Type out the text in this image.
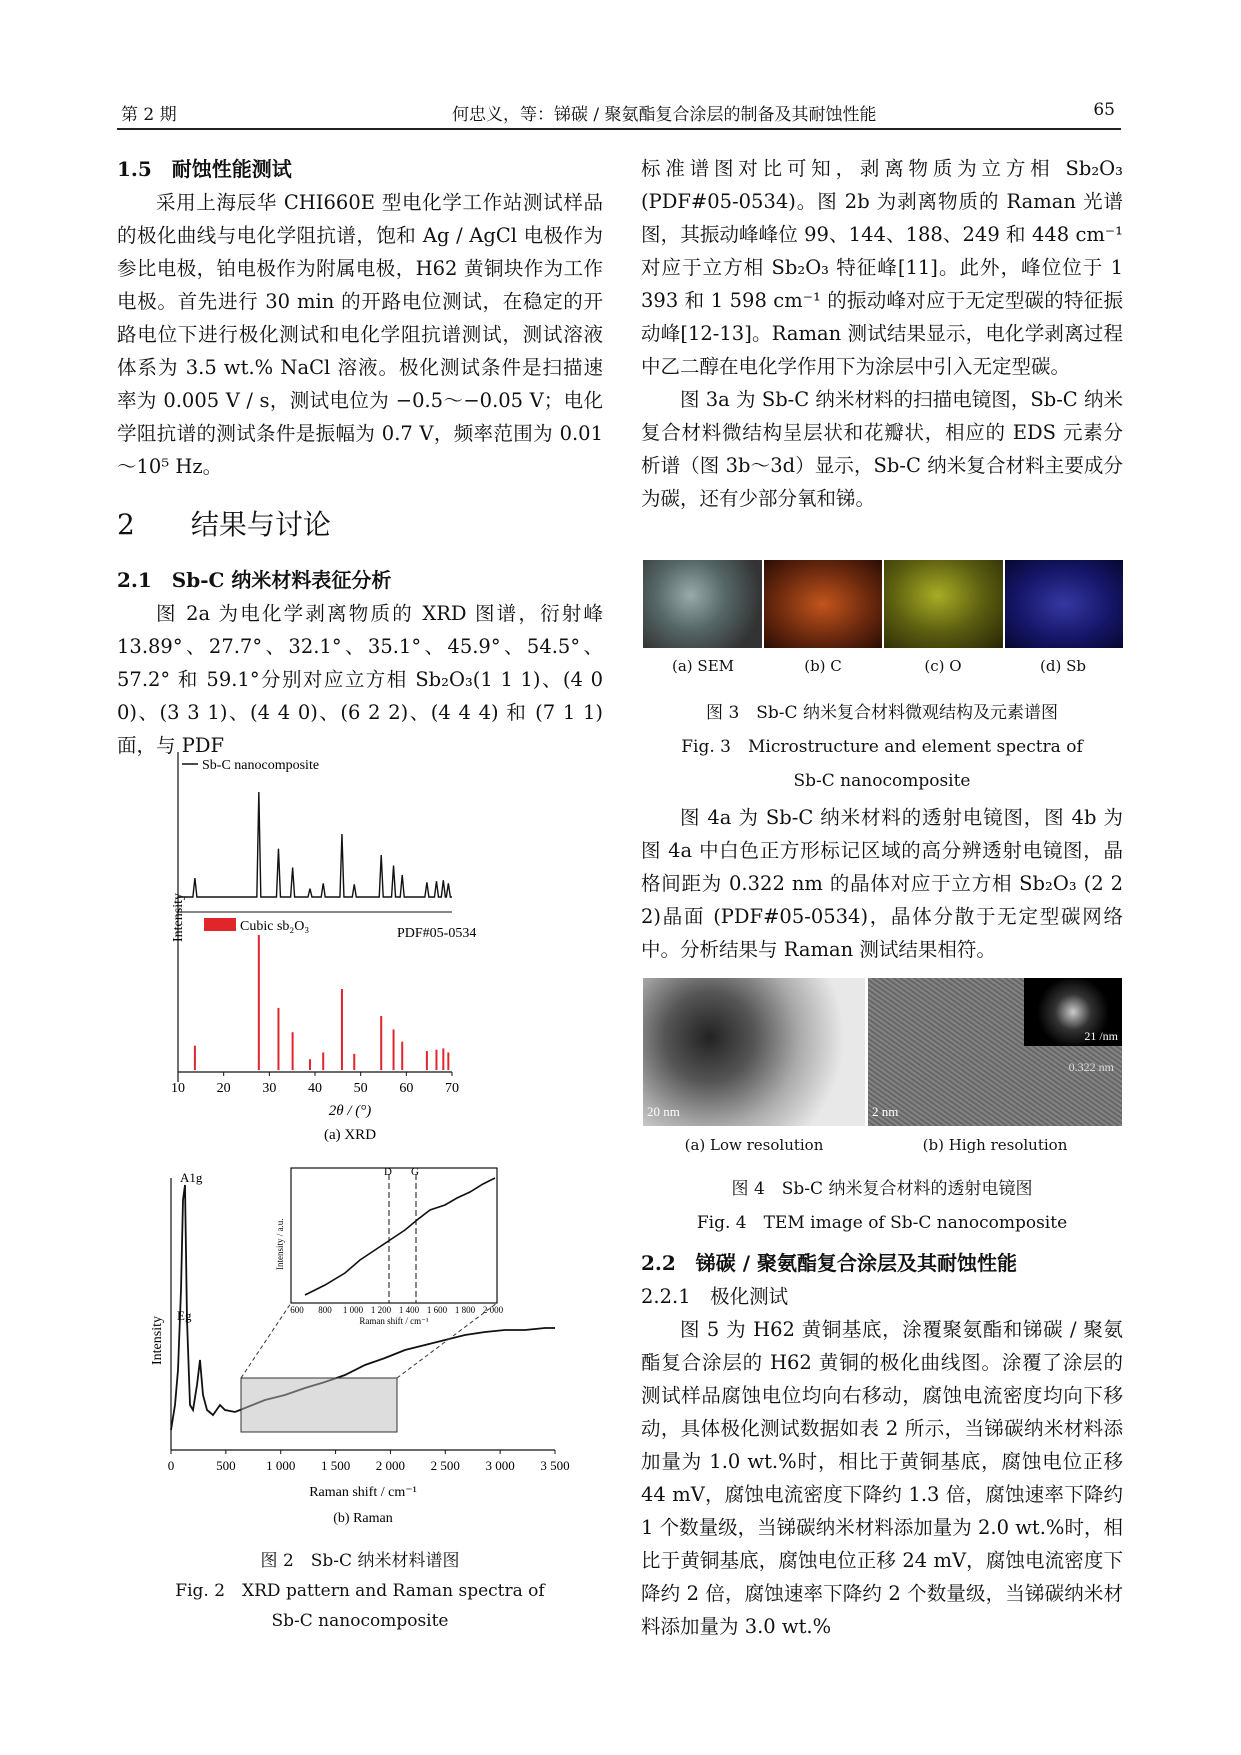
第 2 期	何忠义，等：锑碳 / 聚氨酯复合涂层的制备及其耐蚀性能	65
1.5　耐蚀性能测试

采用上海辰华 CHI660E 型电化学工作站测试样品的极化曲线与电化学阻抗谱，饱和 Ag / AgCl 电极作为参比电极，铂电极作为附属电极，H62 黄铜块作为工作电极。首先进行 30 min 的开路电位测试，在稳定的开路电位下进行极化测试和电化学阻抗谱测试，测试溶液体系为 3.5 wt.% NaCl 溶液。极化测试条件是扫描速率为 0.005 V / s，测试电位为 −0.5～−0.05 V；电化学阻抗谱的测试条件是振幅为 0.7 V，频率范围为 0.01～10⁵ Hz。

2　　结果与讨论
2.1　Sb-C 纳米材料表征分析

图 2a 为电化学剥离物质的 XRD 图谱，衍射峰 13.89°、27.7°、32.1°、35.1°、45.9°、54.5°、57.2° 和 59.1°分别对应立方相 Sb₂O₃(1 1 1)、(4 0 0)、(3 3 1)、(4 4 0)、(6 2 2)、(4 4 4) 和 (7 1 1) 面，与 PDF

Sb-C nanocomposite
Cubic sb₂O₃	PDF#05-0534
Intensity
10 20 30 40 50 60 70
2θ / (°)
(a) XRD
Intensity
A1g
Eg
D G
Intensity / a.u.
600 800 1 000 1 200 1 400 1 600 1 800 2 000
Raman shift / cm⁻¹
0	500 1 000 1 500 2 000 2 500 3 000 3 500
Raman shift / cm⁻¹
(b) Raman
图 2　Sb-C 纳米材料谱图
Fig. 2　XRD pattern and Raman spectra of
Sb-C nanocomposite
标准谱图对比可知，剥离物质为立方相 Sb₂O₃ (PDF#05-0534)。图 2b 为剥离物质的 Raman 光谱图，其振动峰峰位 99、144、188、249 和 448 cm⁻¹ 对应于立方相 Sb₂O₃ 特征峰[11]。此外，峰位位于 1 393 和 1 598 cm⁻¹ 的振动峰对应于无定型碳的特征振动峰[12-13]。Raman 测试结果显示，电化学剥离过程中乙二醇在电化学作用下为涂层中引入无定型碳。

图 3a 为 Sb-C 纳米材料的扫描电镜图，Sb-C 纳米复合材料微结构呈层状和花瓣状，相应的 EDS 元素分析谱（图 3b～3d）显示，Sb-C 纳米复合材料主要成分为碳，还有少部分氧和锑。

(a) SEM	(b) C	(c) O	(d) Sb
图 3　Sb-C 纳米复合材料微观结构及元素谱图
Fig. 3　Microstructure and element spectra of
Sb-C nanocomposite

图 4a 为 Sb-C 纳米材料的透射电镜图，图 4b 为图 4a 中白色正方形标记区域的高分辨透射电镜图，晶格间距为 0.322 nm 的晶体对应于立方相 Sb₂O₃ (2 2 2)晶面 (PDF#05-0534)，晶体分散于无定型碳网络中。分析结果与 Raman 测试结果相符。

20 nm
21 /nm
0.322 nm
2 nm
(a) Low resolution	(b) High resolution
图 4　Sb-C 纳米复合材料的透射电镜图
Fig. 4　TEM image of Sb-C nanocomposite
2.2　锑碳 / 聚氨酯复合涂层及其耐蚀性能
2.2.1　极化测试

图 5 为 H62 黄铜基底，涂覆聚氨酯和锑碳 / 聚氨酯复合涂层的 H62 黄铜的极化曲线图。涂覆了涂层的测试样品腐蚀电位均向右移动，腐蚀电流密度均向下移动，具体极化测试数据如表 2 所示，当锑碳纳米材料添加量为 1.0 wt.%时，相比于黄铜基底，腐蚀电位正移 44 mV，腐蚀电流密度下降约 1.3 倍，腐蚀速率下降约 1 个数量级，当锑碳纳米材料添加量为 2.0 wt.%时，相比于黄铜基底，腐蚀电位正移 24 mV，腐蚀电流密度下降约 2 倍，腐蚀速率下降约 2 个数量级，当锑碳纳米材料添加量为 3.0 wt.%
